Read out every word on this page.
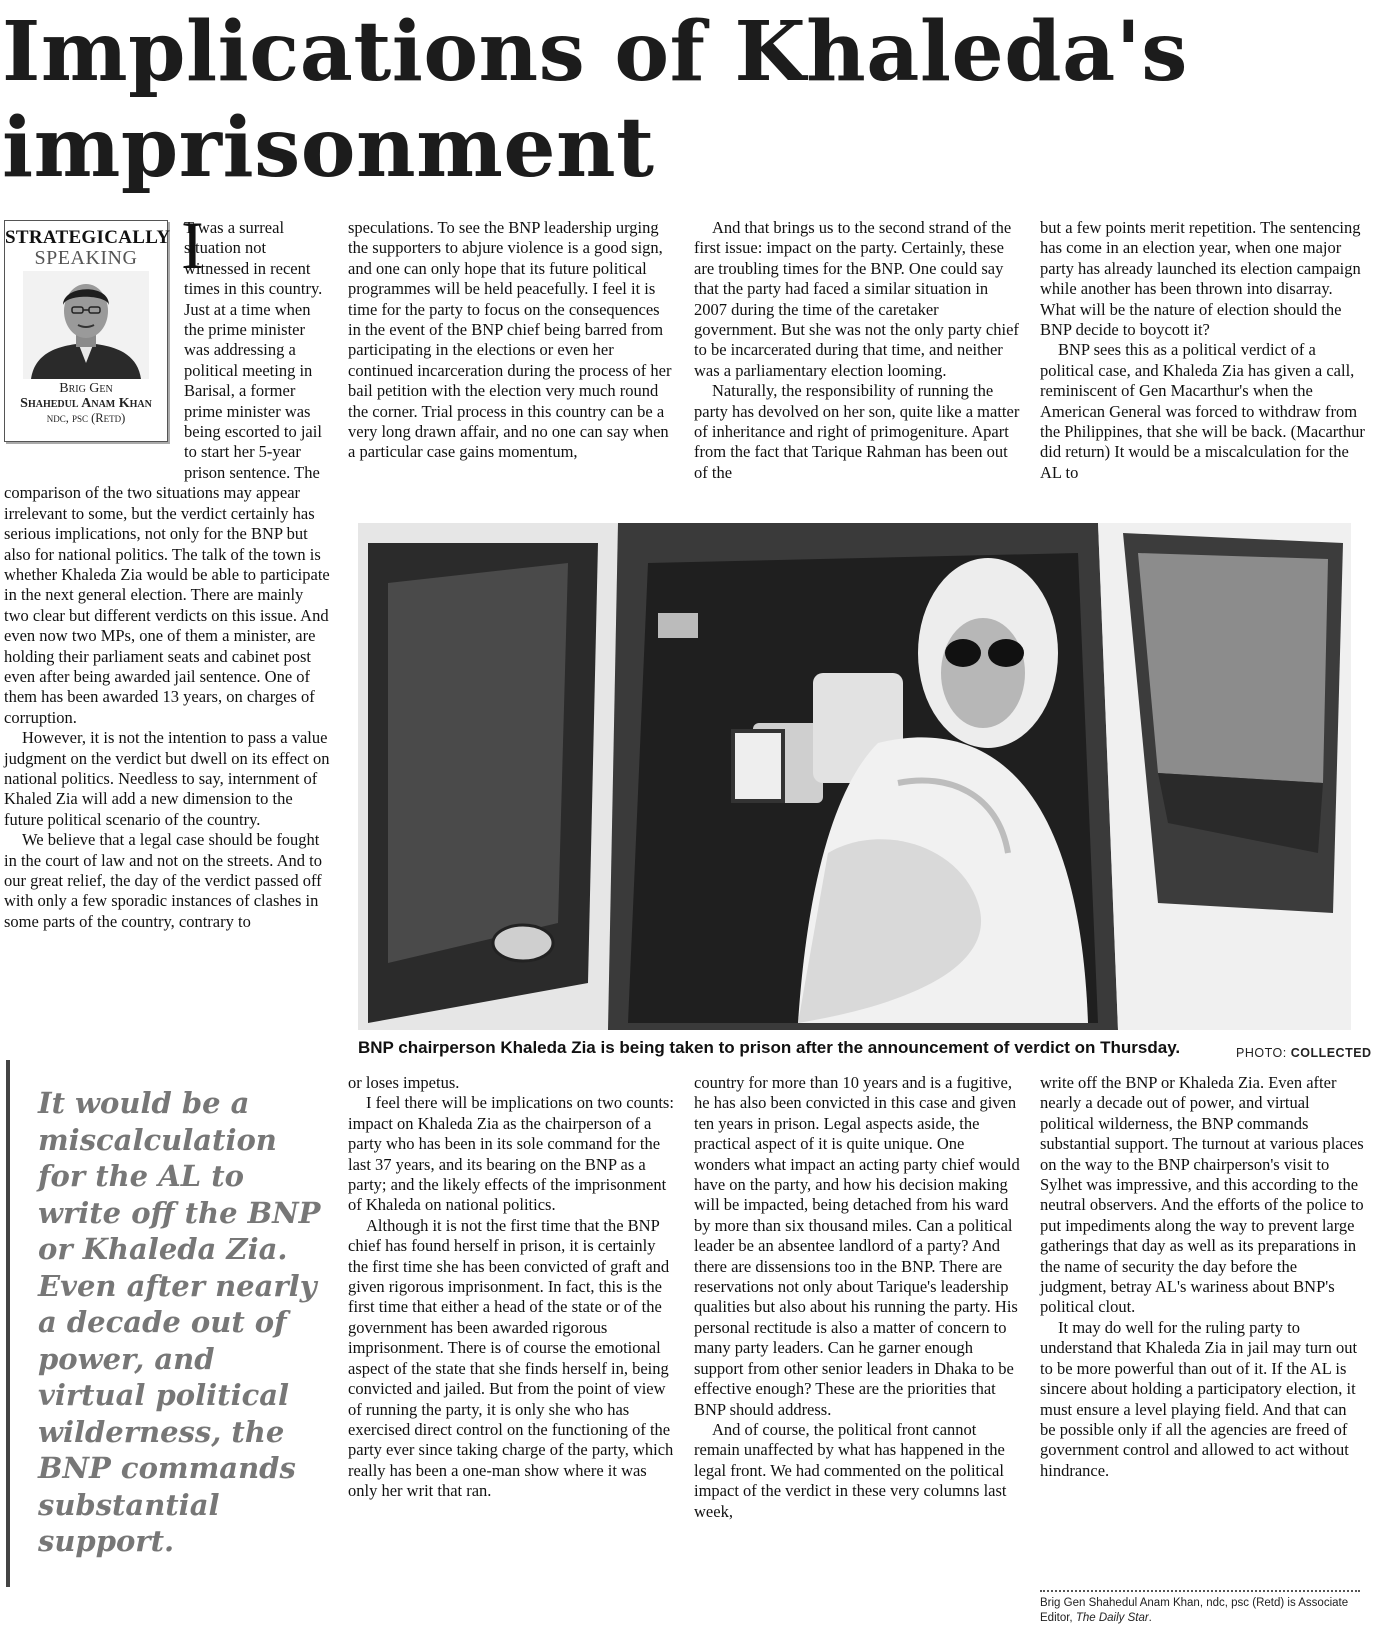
Implications of Khaleda's imprisonment
STRATEGICALLY
SPEAKING
Brig Gen
Shahedul Anam Khan
ndc, psc (Retd)
I

T was a surreal situation not witnessed in recent times in this country. Just at a time when the prime minister was addressing a political meeting in Barisal, a former prime minister was being escorted to jail to start her 5-year prison sentence. The comparison of the two situations may appear irrelevant to some, but the verdict certainly has serious implications, not only for the BNP but also for national politics. The talk of the town is whether Khaleda Zia would be able to participate in the next general election. There are mainly two clear but different verdicts on this issue. And even now two MPs, one of them a minister, are holding their parliament seats and cabinet post even after being awarded jail sentence. One of them has been awarded 13 years, on charges of corruption.

However, it is not the intention to pass a value judgment on the verdict but dwell on its effect on national politics. Needless to say, internment of Khaled Zia will add a new dimension to the future political scenario of the country.

We believe that a legal case should be fought in the court of law and not on the streets. And to our great relief, the day of the verdict passed off with only a few sporadic instances of clashes in some parts of the country, contrary to

speculations. To see the BNP leadership urging the supporters to abjure violence is a good sign, and one can only hope that its future political programmes will be held peacefully. I feel it is time for the party to focus on the consequences in the event of the BNP chief being barred from participating in the elections or even her continued incarceration during the process of her bail petition with the election very much round the corner. Trial process in this country can be a very long drawn affair, and no one can say when a particular case gains momentum,

And that brings us to the second strand of the first issue: impact on the party. Certainly, these are troubling times for the BNP. One could say that the party had faced a similar situation in 2007 during the time of the caretaker government. But she was not the only party chief to be incarcerated during that time, and neither was a parliamentary election looming.

Naturally, the responsibility of running the party has devolved on her son, quite like a matter of inheritance and right of primogeniture. Apart from the fact that Tarique Rahman has been out of the

but a few points merit repetition. The sentencing has come in an election year, when one major party has already launched its election campaign while another has been thrown into disarray. What will be the nature of election should the BNP decide to boycott it?

BNP sees this as a political verdict of a political case, and Khaleda Zia has given a call, reminiscent of Gen Macarthur's when the American General was forced to withdraw from the Philippines, that she will be back. (Macarthur did return) It would be a miscalculation for the AL to

BNP chairperson Khaleda Zia is being taken to prison after the announcement of verdict on Thursday.	PHOTO: COLLECTED
It would be a miscalculation for the AL to write off the BNP or Khaleda Zia. Even after nearly a decade out of power, and virtual political wilderness, the BNP commands substantial support.

or loses impetus.

I feel there will be implications on two counts: impact on Khaleda Zia as the chairperson of a party who has been in its sole command for the last 37 years, and its bearing on the BNP as a party; and the likely effects of the imprisonment of Khaleda on national politics.

Although it is not the first time that the BNP chief has found herself in prison, it is certainly the first time she has been convicted of graft and given rigorous imprisonment. In fact, this is the first time that either a head of the state or of the government has been awarded rigorous imprisonment. There is of course the emotional aspect of the state that she finds herself in, being convicted and jailed. But from the point of view of running the party, it is only she who has exercised direct control on the functioning of the party ever since taking charge of the party, which really has been a one-man show where it was only her writ that ran.

country for more than 10 years and is a fugitive, he has also been convicted in this case and given ten years in prison. Legal aspects aside, the practical aspect of it is quite unique. One wonders what impact an acting party chief would have on the party, and how his decision making will be impacted, being detached from his ward by more than six thousand miles. Can a political leader be an absentee landlord of a party? And there are dissensions too in the BNP. There are reservations not only about Tarique's leadership qualities but also about his running the party. His personal rectitude is also a matter of concern to many party leaders. Can he garner enough support from other senior leaders in Dhaka to be effective enough? These are the priorities that BNP should address.

And of course, the political front cannot remain unaffected by what has happened in the legal front. We had commented on the political impact of the verdict in these very columns last week,

write off the BNP or Khaleda Zia. Even after nearly a decade out of power, and virtual political wilderness, the BNP commands substantial support. The turnout at various places on the way to the BNP chairperson's visit to Sylhet was impressive, and this according to the neutral observers. And the efforts of the police to put impediments along the way to prevent large gatherings that day as well as its preparations in the name of security the day before the judgment, betray AL's wariness about BNP's political clout.

It may do well for the ruling party to understand that Khaleda Zia in jail may turn out to be more powerful than out of it. If the AL is sincere about holding a participatory election, it must ensure a level playing field. And that can be possible only if all the agencies are freed of government control and allowed to act without hindrance.

Brig Gen Shahedul Anam Khan, ndc, psc (Retd) is Associate Editor, The Daily Star.
